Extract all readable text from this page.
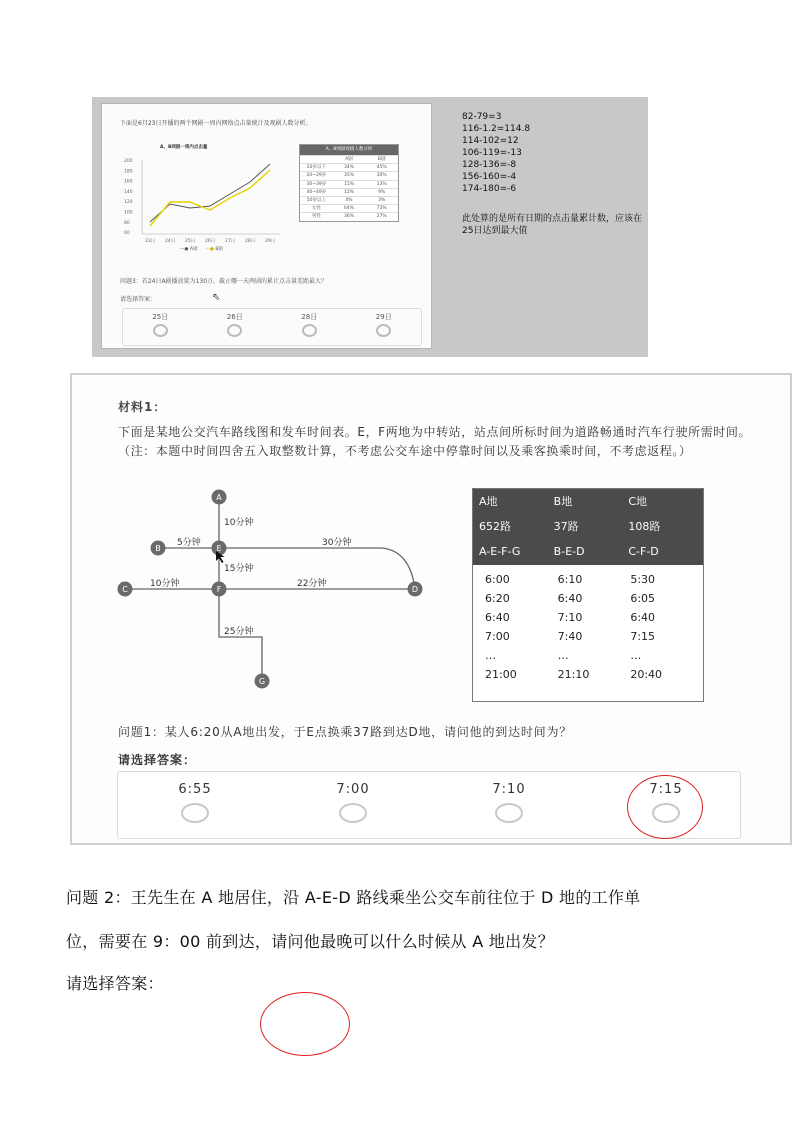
下面是6月23日开播的两个网剧一周内网络点击量统计及观剧人数分析。
A、B网剧一周内点击量
200
180
160
140
120
100
80
60
23日 24日 25日 26日 27日 28日 29日
—● A剧 —● B剧
A、B网剧观剧人数分析
A剧	B剧
20岁以下	34%	45%
20~29岁	35%	30%
30~39岁	15%	13%
40~49岁	12%	9%
50岁以上	4%	3%
女性	64%	73%
男性	36%	27%
问题3：若24日A剧播放量为130万，截止哪一天两剧的累计点击量差距最大？
请选择答案：	⇖
25日	26日	28日	29日
82-79=3
116-1.2=114.8
114-102=12
106-119=-13
128-136=-8
156-160=-4
174-180=-6
此处算的是所有日期的点击量累计数，应该在25日达到最大值
材料1：
下面是某地公交汽车路线图和发车时间表。E，F两地为中转站，站点间所标时间为道路畅通时汽车行驶所需时间。（注：本题中时间四舍五入取整数计算，不考虑公交车途中停靠时间以及乘客换乘时间，不考虑返程。）
10分钟
5分钟	30分钟
15分钟
10分钟	22分钟
25分钟
A
B	E
C	F	D
G
A地	B地	C地
652路	37路	108路
A-E-F-G	B-E-D	C-F-D
6:00	6:10	5:30
6:20	6:40	6:05
6:40	7:10	6:40
7:00	7:40	7:15
…	…	…
21:00	21:10	20:40
问题1：某人6:20从A地出发，于E点换乘37路到达D地，请问他的到达时间为？
请选择答案：
6:55	7:00	7:10	7:15
问题 2：王先生在 A 地居住，沿 A-E-D 路线乘坐公交车前往位于 D 地的工作单
位，需要在 9：00 前到达，请问他最晚可以什么时候从 A 地出发？
请选择答案：
